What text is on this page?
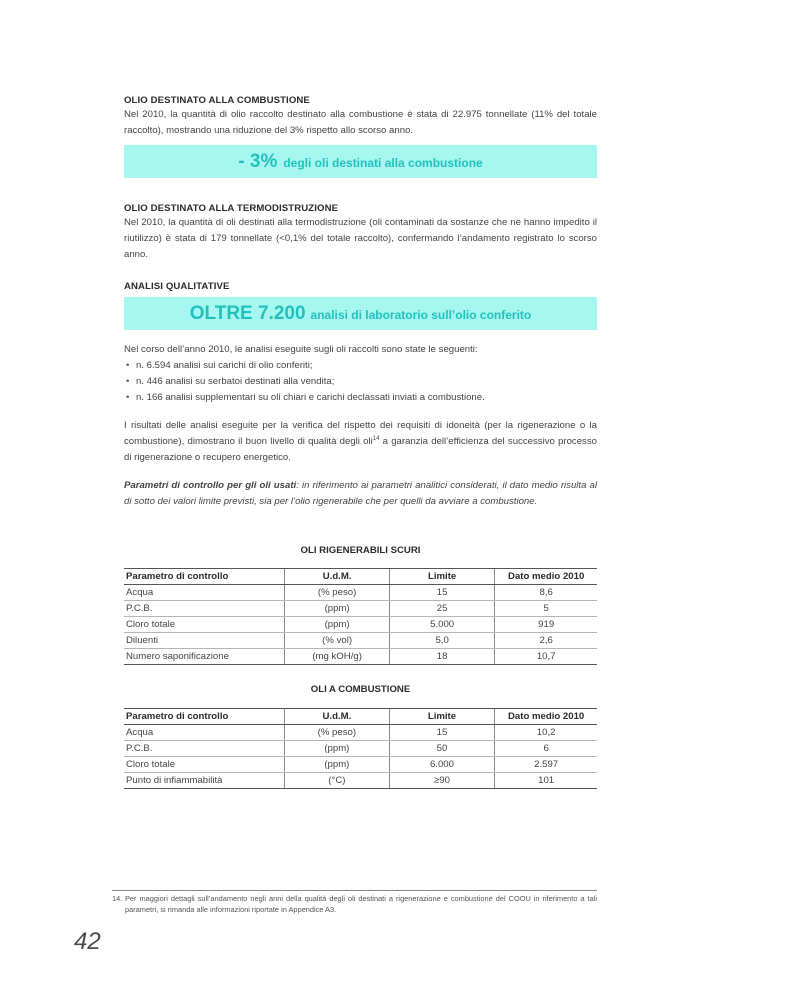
OLIO DESTINATO ALLA COMBUSTIONE
Nel 2010, la quantità di olio raccolto destinato alla combustione è stata di 22.975 tonnellate (11% del totale raccolto), mostrando una riduzione del 3% rispetto allo scorso anno.
- 3% degli oli destinati alla combustione
OLIO DESTINATO ALLA TERMODISTRUZIONE
Nel 2010, la quantità di oli destinati alla termodistruzione (oli contaminati da sostanze che ne hanno impedito il riutilizzo) è stata di 179 tonnellate (<0,1% del totale raccolto), confermando l’andamento registrato lo scorso anno.
ANALISI QUALITATIVE
OLTRE 7.200 analisi di laboratorio sull’olio conferito
Nel corso dell’anno 2010, le analisi eseguite sugli oli raccolti sono state le seguenti:
• n. 6.594 analisi sui carichi di olio conferiti;
• n. 446 analisi su serbatoi destinati alla vendita;
• n. 166 analisi supplementari su oli chiari e carichi declassati inviati a combustione.
I risultati delle analisi eseguite per la verifica del rispetto dei requisiti di idoneità (per la rigenerazione o la combustione), dimostrano il buon livello di qualità degli oli$^{14}$ a garanzia dell’efficienza del successivo processo di rigenerazione o recupero energetico.
Parametri di controllo per gli oli usati: in riferimento ai parametri analitici considerati, il dato medio risulta al di sotto dei valori limite previsti, sia per l’olio rigenerabile che per quelli da avviare a combustione.
OLI RIGENERABILI SCURI
Parametro di controllo	U.d.M.	Limite	Dato medio 2010
Acqua	(% peso)	15	8,6
P.C.B.	(ppm)	25	5
Cloro totale	(ppm)	5.000	919
Diluenti	(% vol)	5,0	2,6
Numero saponificazione	(mg kOH/g)	18	10,7
OLI A COMBUSTIONE
Parametro di controllo	U.d.M.	Limite	Dato medio 2010
Acqua	(% peso)	15	10,2
P.C.B.	(ppm)	50	6
Cloro totale	(ppm)	6.000	2.597
Punto di infiammabilità	(°C)	≥90	101
14. Per maggiori dettagli sull’andamento negli anni della qualità degli oli destinati a rigenerazione e combustione del COOU in riferimento a tali parametri, si rimanda alle informazioni riportate in Appendice A3.
42
